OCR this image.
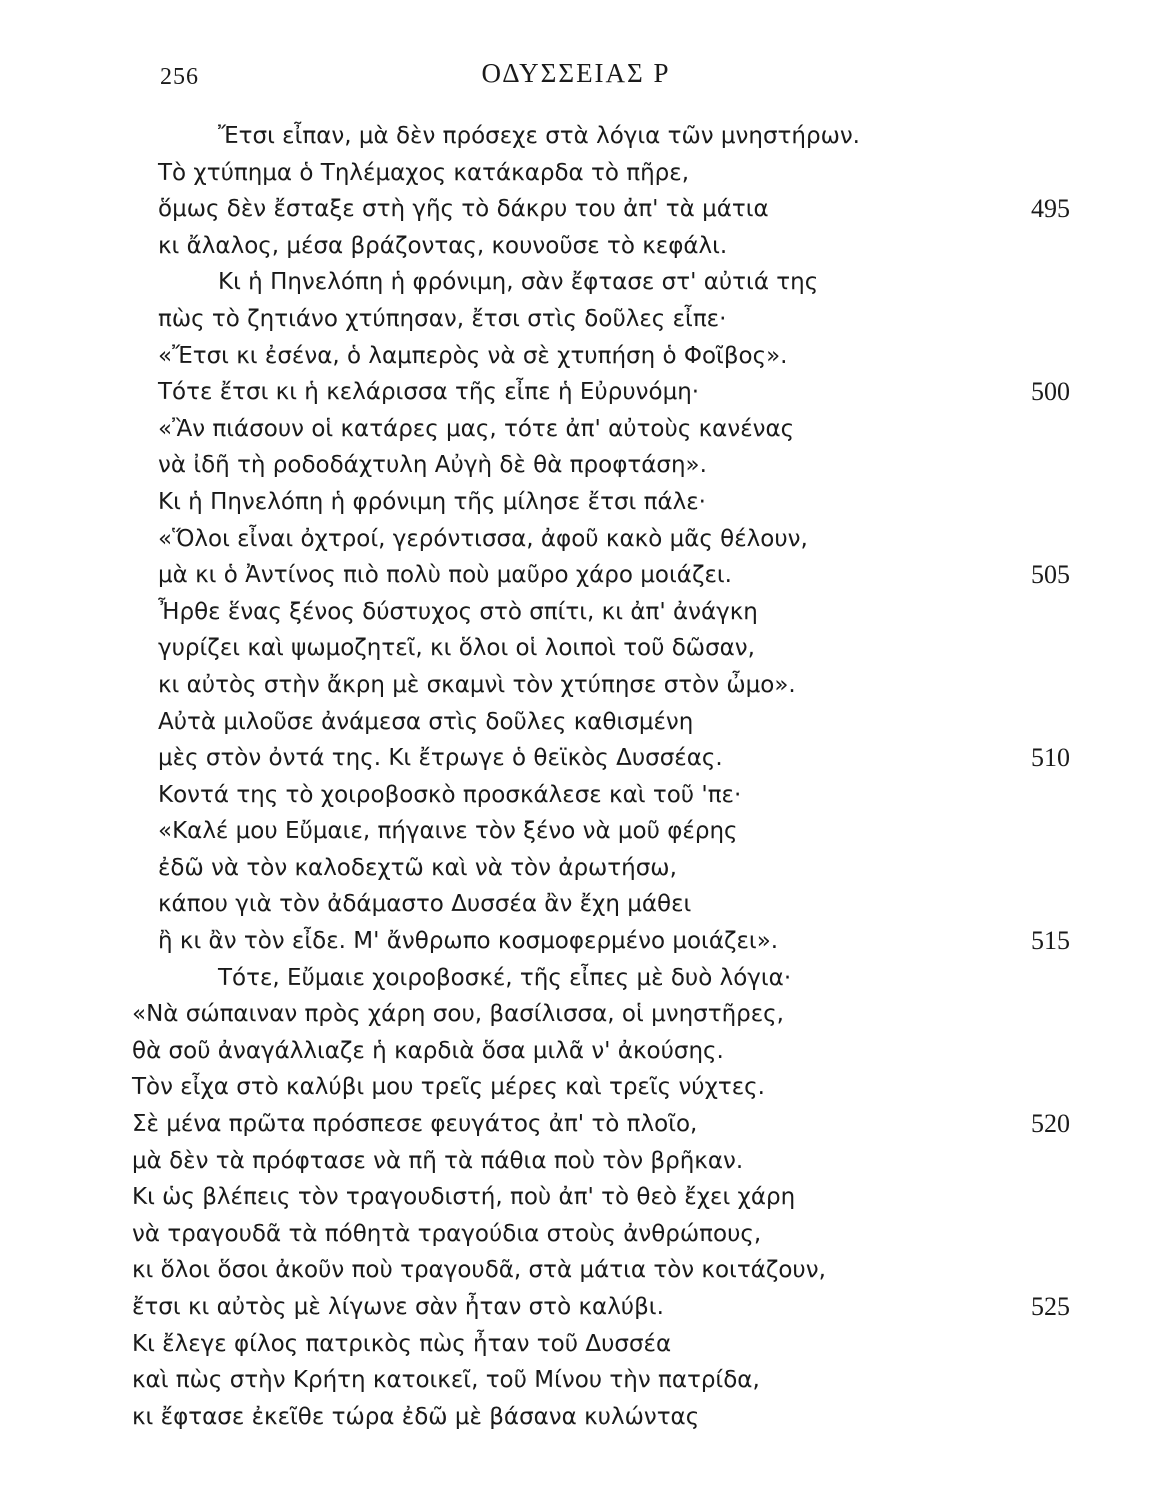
256	ΟΔΥΣΣΕΙΑΣ Ρ
Ἔτσι εἶπαν, μὰ δὲν πρόσεχε στὰ λόγια τῶν μνηστήρων.
Τὸ χτύπημα ὁ Τηλέμαχος κατάκαρδα τὸ πῆρε,
ὅμως δὲν ἔσταξε στὴ γῆς τὸ δάκρυ του ἀπ' τὰ μάτια	495
κι ἄλαλος, μέσα βράζοντας, κουνοῦσε τὸ κεφάλι.
Κι ἡ Πηνελόπη ἡ φρόνιμη, σὰν ἔφτασε στ' αὐτιά της
πὼς τὸ ζητιάνο χτύπησαν, ἔτσι στὶς δοῦλες εἶπε·
«Ἔτσι κι ἐσένα, ὁ λαμπερὸς νὰ σὲ χτυπήση ὁ Φοῖβος».
Τότε ἔτσι κι ἡ κελάρισσα τῆς εἶπε ἡ Εὐρυνόμη·	500
«Ἂν πιάσουν οἱ κατάρες μας, τότε ἀπ' αὐτοὺς κανένας
νὰ ἰδῆ τὴ ροδοδάχτυλη Αὐγὴ δὲ θὰ προφτάση».
Κι ἡ Πηνελόπη ἡ φρόνιμη τῆς μίλησε ἔτσι πάλε·
«Ὅλοι εἶναι ὀχτροί, γερόντισσα, ἀφοῦ κακὸ μᾶς θέλουν,
μὰ κι ὁ Ἀντίνος πιὸ πολὺ ποὺ μαῦρο χάρο μοιάζει.	505
Ἦρθε ἕνας ξένος δύστυχος στὸ σπίτι, κι ἀπ' ἀνάγκη
γυρίζει καὶ ψωμοζητεῖ, κι ὅλοι οἱ λοιποὶ τοῦ δῶσαν,
κι αὐτὸς στὴν ἄκρη μὲ σκαμνὶ τὸν χτύπησε στὸν ὦμο».
Αὐτὰ μιλοῦσε ἀνάμεσα στὶς δοῦλες καθισμένη
μὲς στὸν ὀντά της. Κι ἔτρωγε ὁ θεϊκὸς Δυσσέας.	510
Κοντά της τὸ χοιροβοσκὸ προσκάλεσε καὶ τοῦ 'πε·
«Καλέ μου Εὔμαιε, πήγαινε τὸν ξένο νὰ μοῦ φέρης
ἐδῶ νὰ τὸν καλοδεχτῶ καὶ νὰ τὸν ἀρωτήσω,
κάπου γιὰ τὸν ἀδάμαστο Δυσσέα ἂν ἔχη μάθει
ἢ κι ἂν τὸν εἶδε. Μ' ἄνθρωπο κοσμοφερμένο μοιάζει».	515
Τότε, Εὔμαιε χοιροβοσκέ, τῆς εἶπες μὲ δυὸ λόγια·
«Νὰ σώπαιναν πρὸς χάρη σου, βασίλισσα, οἱ μνηστῆρες,
θὰ σοῦ ἀναγάλλιαζε ἡ καρδιὰ ὅσα μιλᾶ ν' ἀκούσης.
Τὸν εἶχα στὸ καλύβι μου τρεῖς μέρες καὶ τρεῖς νύχτες.
Σὲ μένα πρῶτα πρόσπεσε φευγάτος ἀπ' τὸ πλοῖο,	520
μὰ δὲν τὰ πρόφτασε νὰ πῆ τὰ πάθια ποὺ τὸν βρῆκαν.
Κι ὡς βλέπεις τὸν τραγουδιστή, ποὺ ἀπ' τὸ θεὸ ἔχει χάρη
νὰ τραγουδᾶ τὰ πόθητὰ τραγούδια στοὺς ἀνθρώπους,
κι ὅλοι ὅσοι ἀκοῦν ποὺ τραγουδᾶ, στὰ μάτια τὸν κοιτάζουν,
ἔτσι κι αὐτὸς μὲ λίγωνε σὰν ἦταν στὸ καλύβι.	525
Κι ἔλεγε φίλος πατρικὸς πὼς ἦταν τοῦ Δυσσέα
καὶ πὼς στὴν Κρήτη κατοικεῖ, τοῦ Μίνου τὴν πατρίδα,
κι ἔφτασε ἐκεῖθε τώρα ἐδῶ μὲ βάσανα κυλώντας
